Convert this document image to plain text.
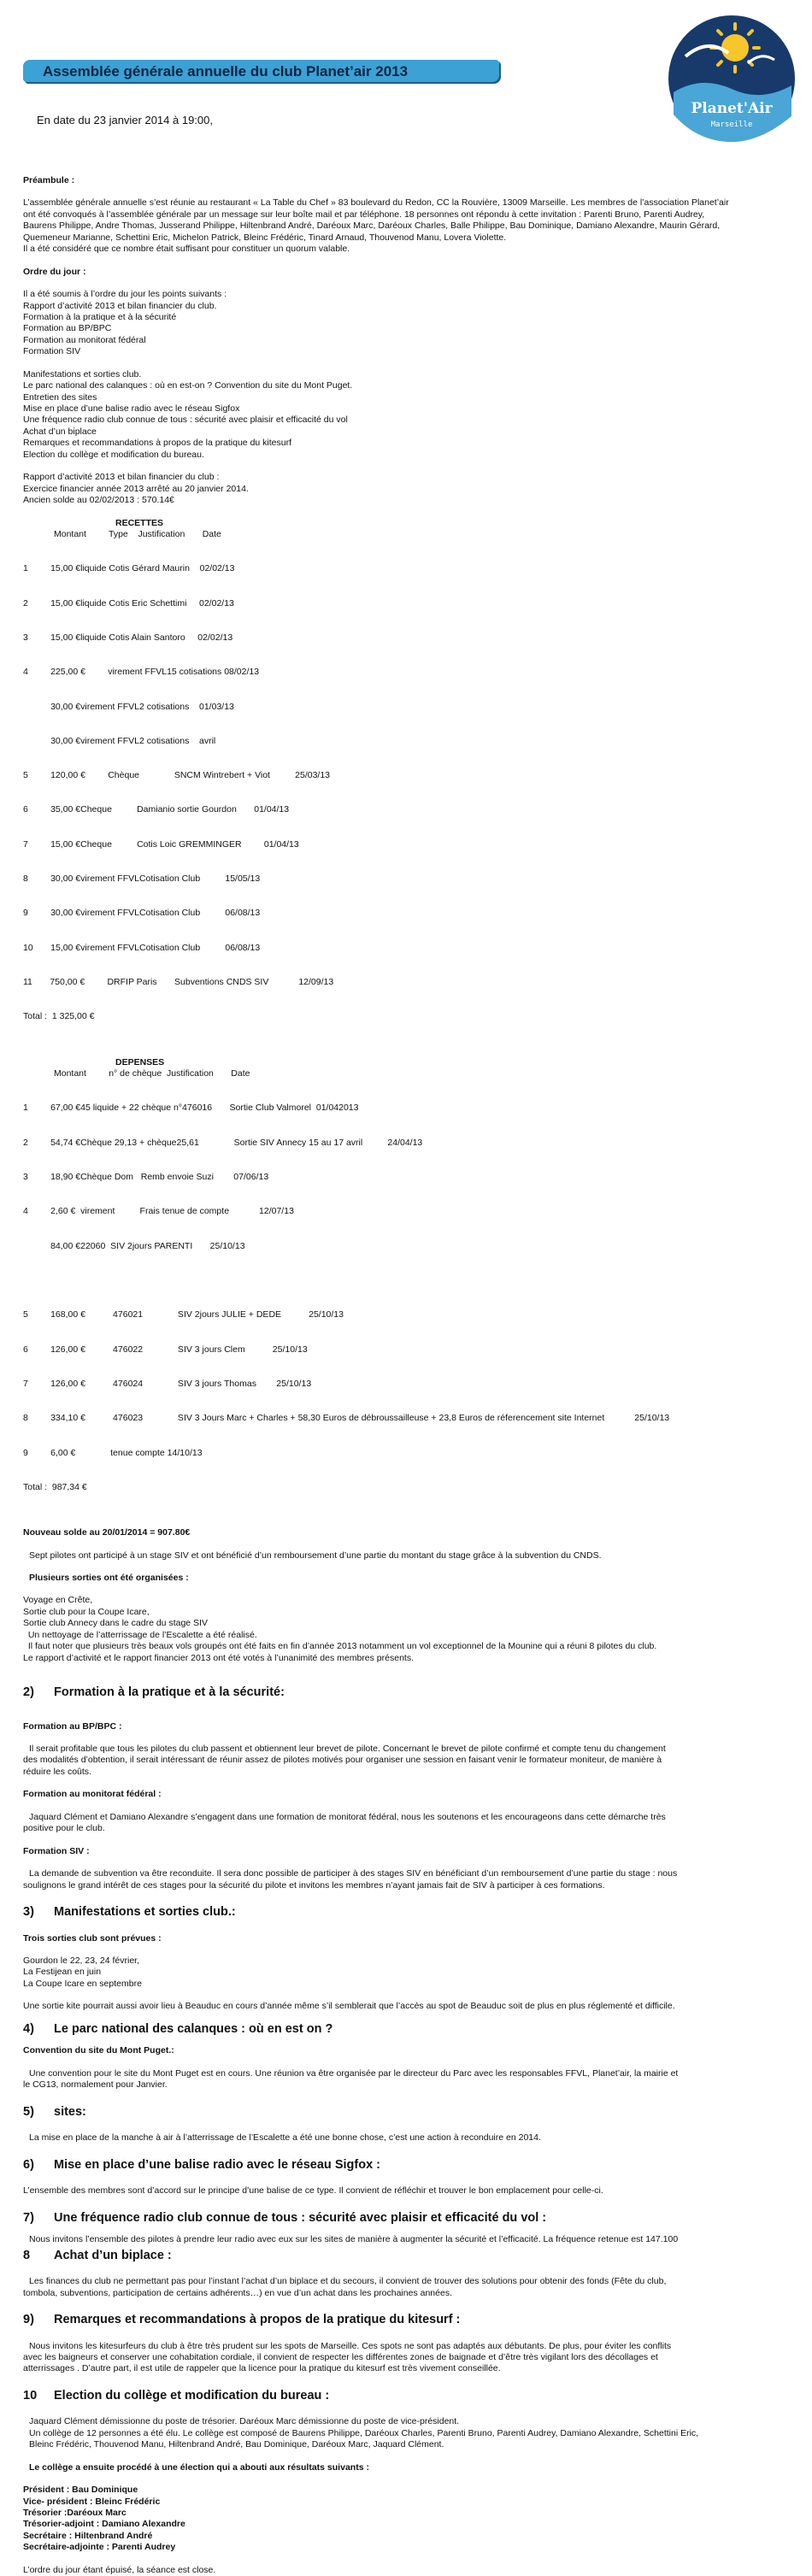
Assemblée générale annuelle du club Planet’air 2013
Planet'Air
Marseille
En date du 23 janvier 2014 à 19:00,

Préambule :

L’assemblée générale annuelle s’est réunie au restaurant « La Table du Chef » 83 boulevard du Redon, CC la Rouvière, 13009 Marseille. Les membres de l’association Planet’air

ont été convoqués à l’assemblée générale par un message sur leur boîte mail et par téléphone. 18 personnes ont répondu à cette invitation : Parenti Bruno, Parenti Audrey,

Baurens Philippe, Andre Thomas, Jusserand Philippe, Hiltenbrand André, Daréoux Marc, Daréoux Charles, Balle Philippe, Bau Dominique, Damiano Alexandre, Maurin Gérard,

Quemeneur Marianne, Schettini Eric, Michelon Patrick, Bleinc Frédéric, Tinard Arnaud, Thouvenod Manu, Lovera Violette.

Il a été considéré que ce nombre était suffisant pour constituer un quorum valable.

Ordre du jour :

Il a été soumis à l’ordre du jour les points suivants :

Rapport d’activité 2013 et bilan financier du club.

Formation à la pratique et à la sécurité

Formation au BP/BPC

Formation au monitorat fédéral

Formation SIV

Manifestations et sorties club.

Le parc national des calanques : où en est-on ? Convention du site du Mont Puget.

Entretien des sites

Mise en place d’une balise radio avec le réseau Sigfox

Une fréquence radio club connue de tous : sécurité avec plaisir et efficacité du vol

Achat d’un biplace

Remarques et recommandations à propos de la pratique du kitesurf

Election du collège et modification du bureau.

Rapport d’activité 2013 et bilan financier du club :

Exercice financier année 2013 arrêté au 20 janvier 2014.

Ancien solde au 02/02/2013 : 570.14€

RECETTES

Montant         Type    Justification       Date

1         15,00 €liquide Cotis Gérard Maurin    02/02/13

2         15,00 €liquide Cotis Eric Schettimi     02/02/13

3         15,00 €liquide Cotis Alain Santoro     02/02/13

4         225,00 €         virement FFVL15 cotisations 08/02/13

30,00 €virement FFVL2 cotisations    01/03/13

30,00 €virement FFVL2 cotisations    avril

5         120,00 €         Chèque              SNCM Wintrebert + Viot          25/03/13

6         35,00 €Cheque          Damianio sortie Gourdon       01/04/13

7         15,00 €Cheque          Cotis Loic GREMMINGER         01/04/13

8         30,00 €virement FFVLCotisation Club          15/05/13

9         30,00 €virement FFVLCotisation Club          06/08/13

10       15,00 €virement FFVLCotisation Club          06/08/13

11       750,00 €         DRFIP Paris       Subventions CNDS SIV            12/09/13

Total :  1 325,00 €

DEPENSES

Montant         n° de chèque  Justification       Date

1         67,00 €45 liquide + 22 chèque n°476016       Sortie Club Valmorel  01/042013

2         54,74 €Chèque 29,13 + chèque25,61              Sortie SIV Annecy 15 au 17 avril          24/04/13

3         18,90 €Chèque Dom   Remb envoie Suzi        07/06/13

4         2,60 €  virement          Frais tenue de compte            12/07/13

84,00 €22060  SIV 2jours PARENTI       25/10/13

5         168,00 €           476021              SIV 2jours JULIE + DEDE           25/10/13

6         126,00 €           476022              SIV 3 jours Clem           25/10/13

7         126,00 €           476024              SIV 3 jours Thomas        25/10/13

8         334,10 €           476023              SIV 3 Jours Marc + Charles + 58,30 Euros de débroussailleuse + 23,8 Euros de réferencement site Internet            25/10/13

9         6,00 €              tenue compte 14/10/13

Total :  987,34 €

Nouveau solde au 20/01/2014 = 907.80€

Sept pilotes ont participé à un stage SIV et ont bénéficié d’un remboursement d’une partie du montant du stage grâce à la subvention du CNDS.

Plusieurs sorties ont été organisées :

Voyage en Crête,

Sortie club pour la Coupe Icare,

Sortie club Annecy dans le cadre du stage SIV

Un nettoyage de l’atterrissage de l’Escalette a été réalisé.

Il faut noter que plusieurs très beaux vols groupés ont été faits en fin d’année 2013 notamment un vol exceptionnel de la Mounine qui a réuni 8 pilotes du club.

Le rapport d’activité et le rapport financier 2013 ont été votés à l’unanimité des membres présents.

2) Formation à la pratique et à la sécurité:

Formation au BP/BPC :

Il serait profitable que tous les pilotes du club passent et obtiennent leur brevet de pilote. Concernant le brevet de pilote confirmé et compte tenu du changement

des modalités d’obtention, il serait intéressant de réunir assez de pilotes motivés pour organiser une session en faisant venir le formateur moniteur, de manière à

réduire les coûts.

Formation au monitorat fédéral :

Jaquard Clément et Damiano Alexandre s’engagent dans une formation de monitorat fédéral, nous les soutenons et les encourageons dans cette démarche très

positive pour le club.

Formation SIV :

La demande de subvention va être reconduite. Il sera donc possible de participer à des stages SIV en bénéficiant d’un remboursement d’une partie du stage : nous

soulignons le grand intérêt de ces stages pour la sécurité du pilote et invitons les membres n’ayant jamais fait de SIV à participer à ces formations.

3) Manifestations et sorties club.:

Trois sorties club sont prévues :

Gourdon le 22, 23, 24 février,

La Festijean en juin

La Coupe Icare en septembre

Une sortie kite pourrait aussi avoir lieu à Beauduc en cours d’année même s’il semblerait que l’accès au spot de Beauduc soit de plus en plus réglementé et difficile.

4) Le parc national des calanques : où en est on ?

Convention du site du Mont Puget.:

Une convention pour le site du Mont Puget est en cours. Une réunion va être organisée par le directeur du Parc avec les responsables FFVL, Planet’air, la mairie et

le CG13, normalement pour Janvier.

5) sites:

La mise en place de la manche à air à l’atterrissage de l’Escalette a été une bonne chose, c’est une action à reconduire en 2014.

6) Mise en place d’une balise radio avec le réseau Sigfox :

L’ensemble des membres sont d’accord sur le principe d’une balise de ce type. Il convient de réfléchir et trouver le bon emplacement pour celle-ci.

7) Une fréquence radio club connue de tous : sécurité avec plaisir et efficacité du vol :

Nous invitons l’ensemble des pilotes à prendre leur radio avec eux sur les sites de manière à augmenter la sécurité et l’efficacité. La fréquence retenue est 147.100

8 Achat d’un biplace :

Les finances du club ne permettant pas pour l’instant l’achat d’un biplace et du secours, il convient de trouver des solutions pour obtenir des fonds (Fête du club,

tombola, subventions, participation de certains adhérents…) en vue d’un achat dans les prochaines années.

9) Remarques et recommandations à propos de la pratique du kitesurf :

Nous invitons les kitesurfeurs du club à être très prudent sur les spots de Marseille. Ces spots ne sont pas adaptés aux débutants. De plus, pour éviter les conflits

avec les baigneurs et conserver une cohabitation cordiale, il convient de respecter les différentes zones de baignade et d’être très vigilant lors des décollages et

atterrissages . D’autre part, il est utile de rappeler que la licence pour la pratique du kitesurf est très vivement conseillée.

10 Election du collège et modification du bureau :

Jaquard Clément démissionne du poste de trésorier. Daréoux Marc démissionne du poste de vice-président.

Un collège de 12 personnes a été élu. Le collège est composé de Baurens Philippe, Daréoux Charles, Parenti Bruno, Parenti Audrey, Damiano Alexandre, Schettini Eric,

Bleinc Frédéric, Thouvenod Manu, Hiltenbrand André, Bau Dominique, Daréoux Marc, Jaquard Clément.

Le collège a ensuite procédé à une élection qui a abouti aux résultats suivants :

Président : Bau Dominique

Vice- président : Bleinc Frédéric

Trésorier :Daréoux Marc

Trésorier-adjoint : Damiano Alexandre

Secrétaire : Hiltenbrand André

Secrétaire-adjointe : Parenti Audrey

L’ordre du jour étant épuisé, la séance est close.
